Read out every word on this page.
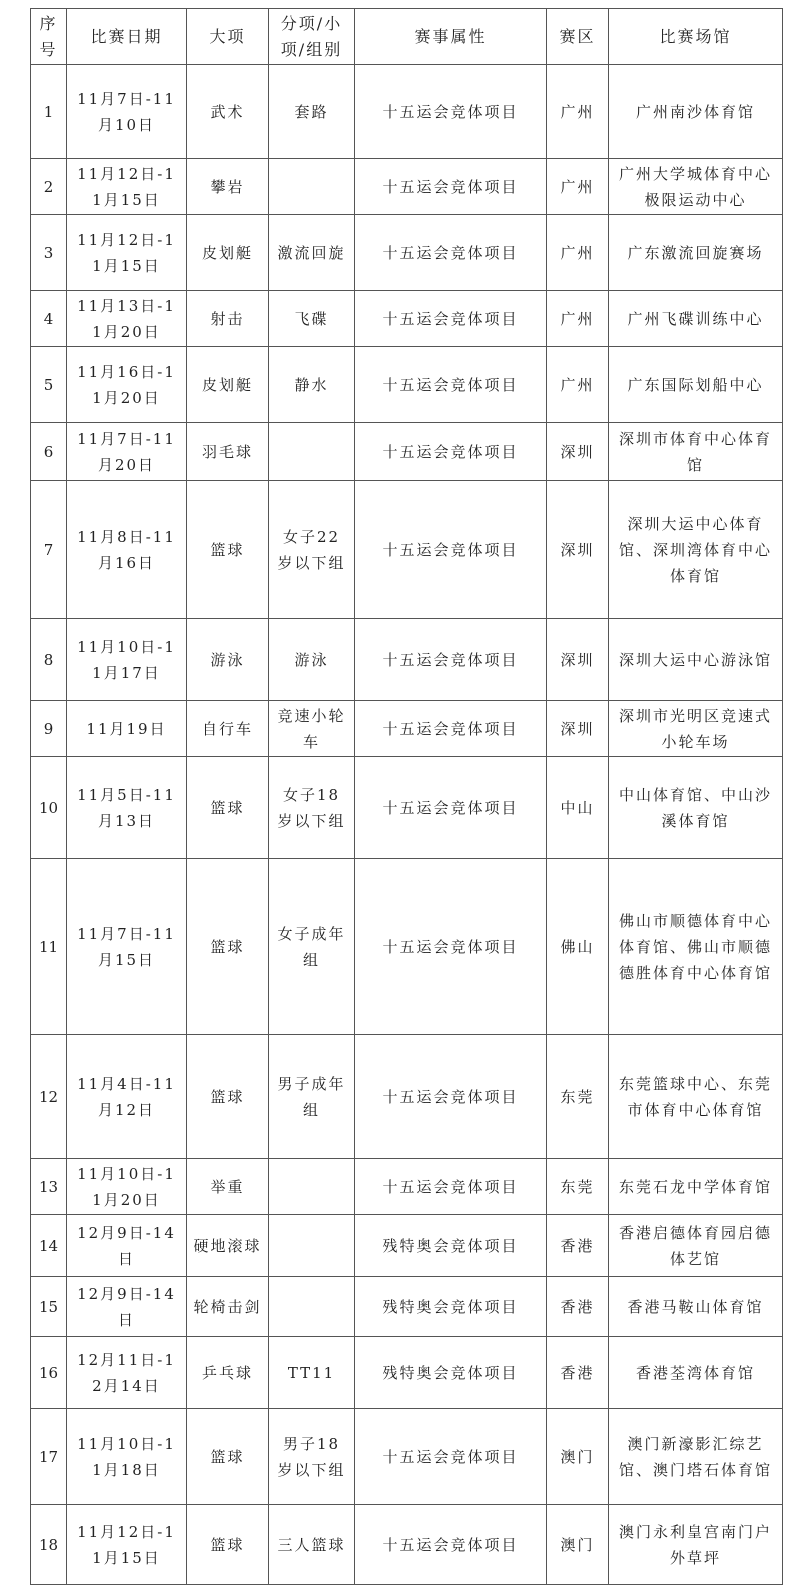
序号	比赛日期	大项	分项/小项/组别	赛事属性	赛区	比赛场馆
1	11月7日-11月10日	武术	套路	十五运会竞体项目	广州	广州南沙体育馆
2	11月12日-11月15日	攀岩		十五运会竞体项目	广州	广州大学城体育中心极限运动中心
3	11月12日-11月15日	皮划艇	激流回旋	十五运会竞体项目	广州	广东激流回旋赛场
4	11月13日-11月20日	射击	飞碟	十五运会竞体项目	广州	广州飞碟训练中心
5	11月16日-11月20日	皮划艇	静水	十五运会竞体项目	广州	广东国际划船中心
6	11月7日-11月20日	羽毛球		十五运会竞体项目	深圳	深圳市体育中心体育馆
7	11月8日-11月16日	篮球	女子22岁以下组	十五运会竞体项目	深圳	深圳大运中心体育馆、深圳湾体育中心体育馆
8	11月10日-11月17日	游泳	游泳	十五运会竞体项目	深圳	深圳大运中心游泳馆
9	11月19日	自行车	竞速小轮车	十五运会竞体项目	深圳	深圳市光明区竞速式小轮车场
10	11月5日-11月13日	篮球	女子18岁以下组	十五运会竞体项目	中山	中山体育馆、中山沙溪体育馆
11	11月7日-11月15日	篮球	女子成年组	十五运会竞体项目	佛山	佛山市顺德体育中心体育馆、佛山市顺德德胜体育中心体育馆
12	11月4日-11月12日	篮球	男子成年组	十五运会竞体项目	东莞	东莞篮球中心、东莞市体育中心体育馆
13	11月10日-11月20日	举重		十五运会竞体项目	东莞	东莞石龙中学体育馆
14	12月9日-14日	硬地滚球		残特奥会竞体项目	香港	香港启德体育园启德体艺馆
15	12月9日-14日	轮椅击剑		残特奥会竞体项目	香港	香港马鞍山体育馆
16	12月11日-12月14日	乒乓球	TT11	残特奥会竞体项目	香港	香港荃湾体育馆
17	11月10日-11月18日	篮球	男子18岁以下组	十五运会竞体项目	澳门	澳门新濠影汇综艺馆、澳门塔石体育馆
18	11月12日-11月15日	篮球	三人篮球	十五运会竞体项目	澳门	澳门永利皇宫南门户外草坪
